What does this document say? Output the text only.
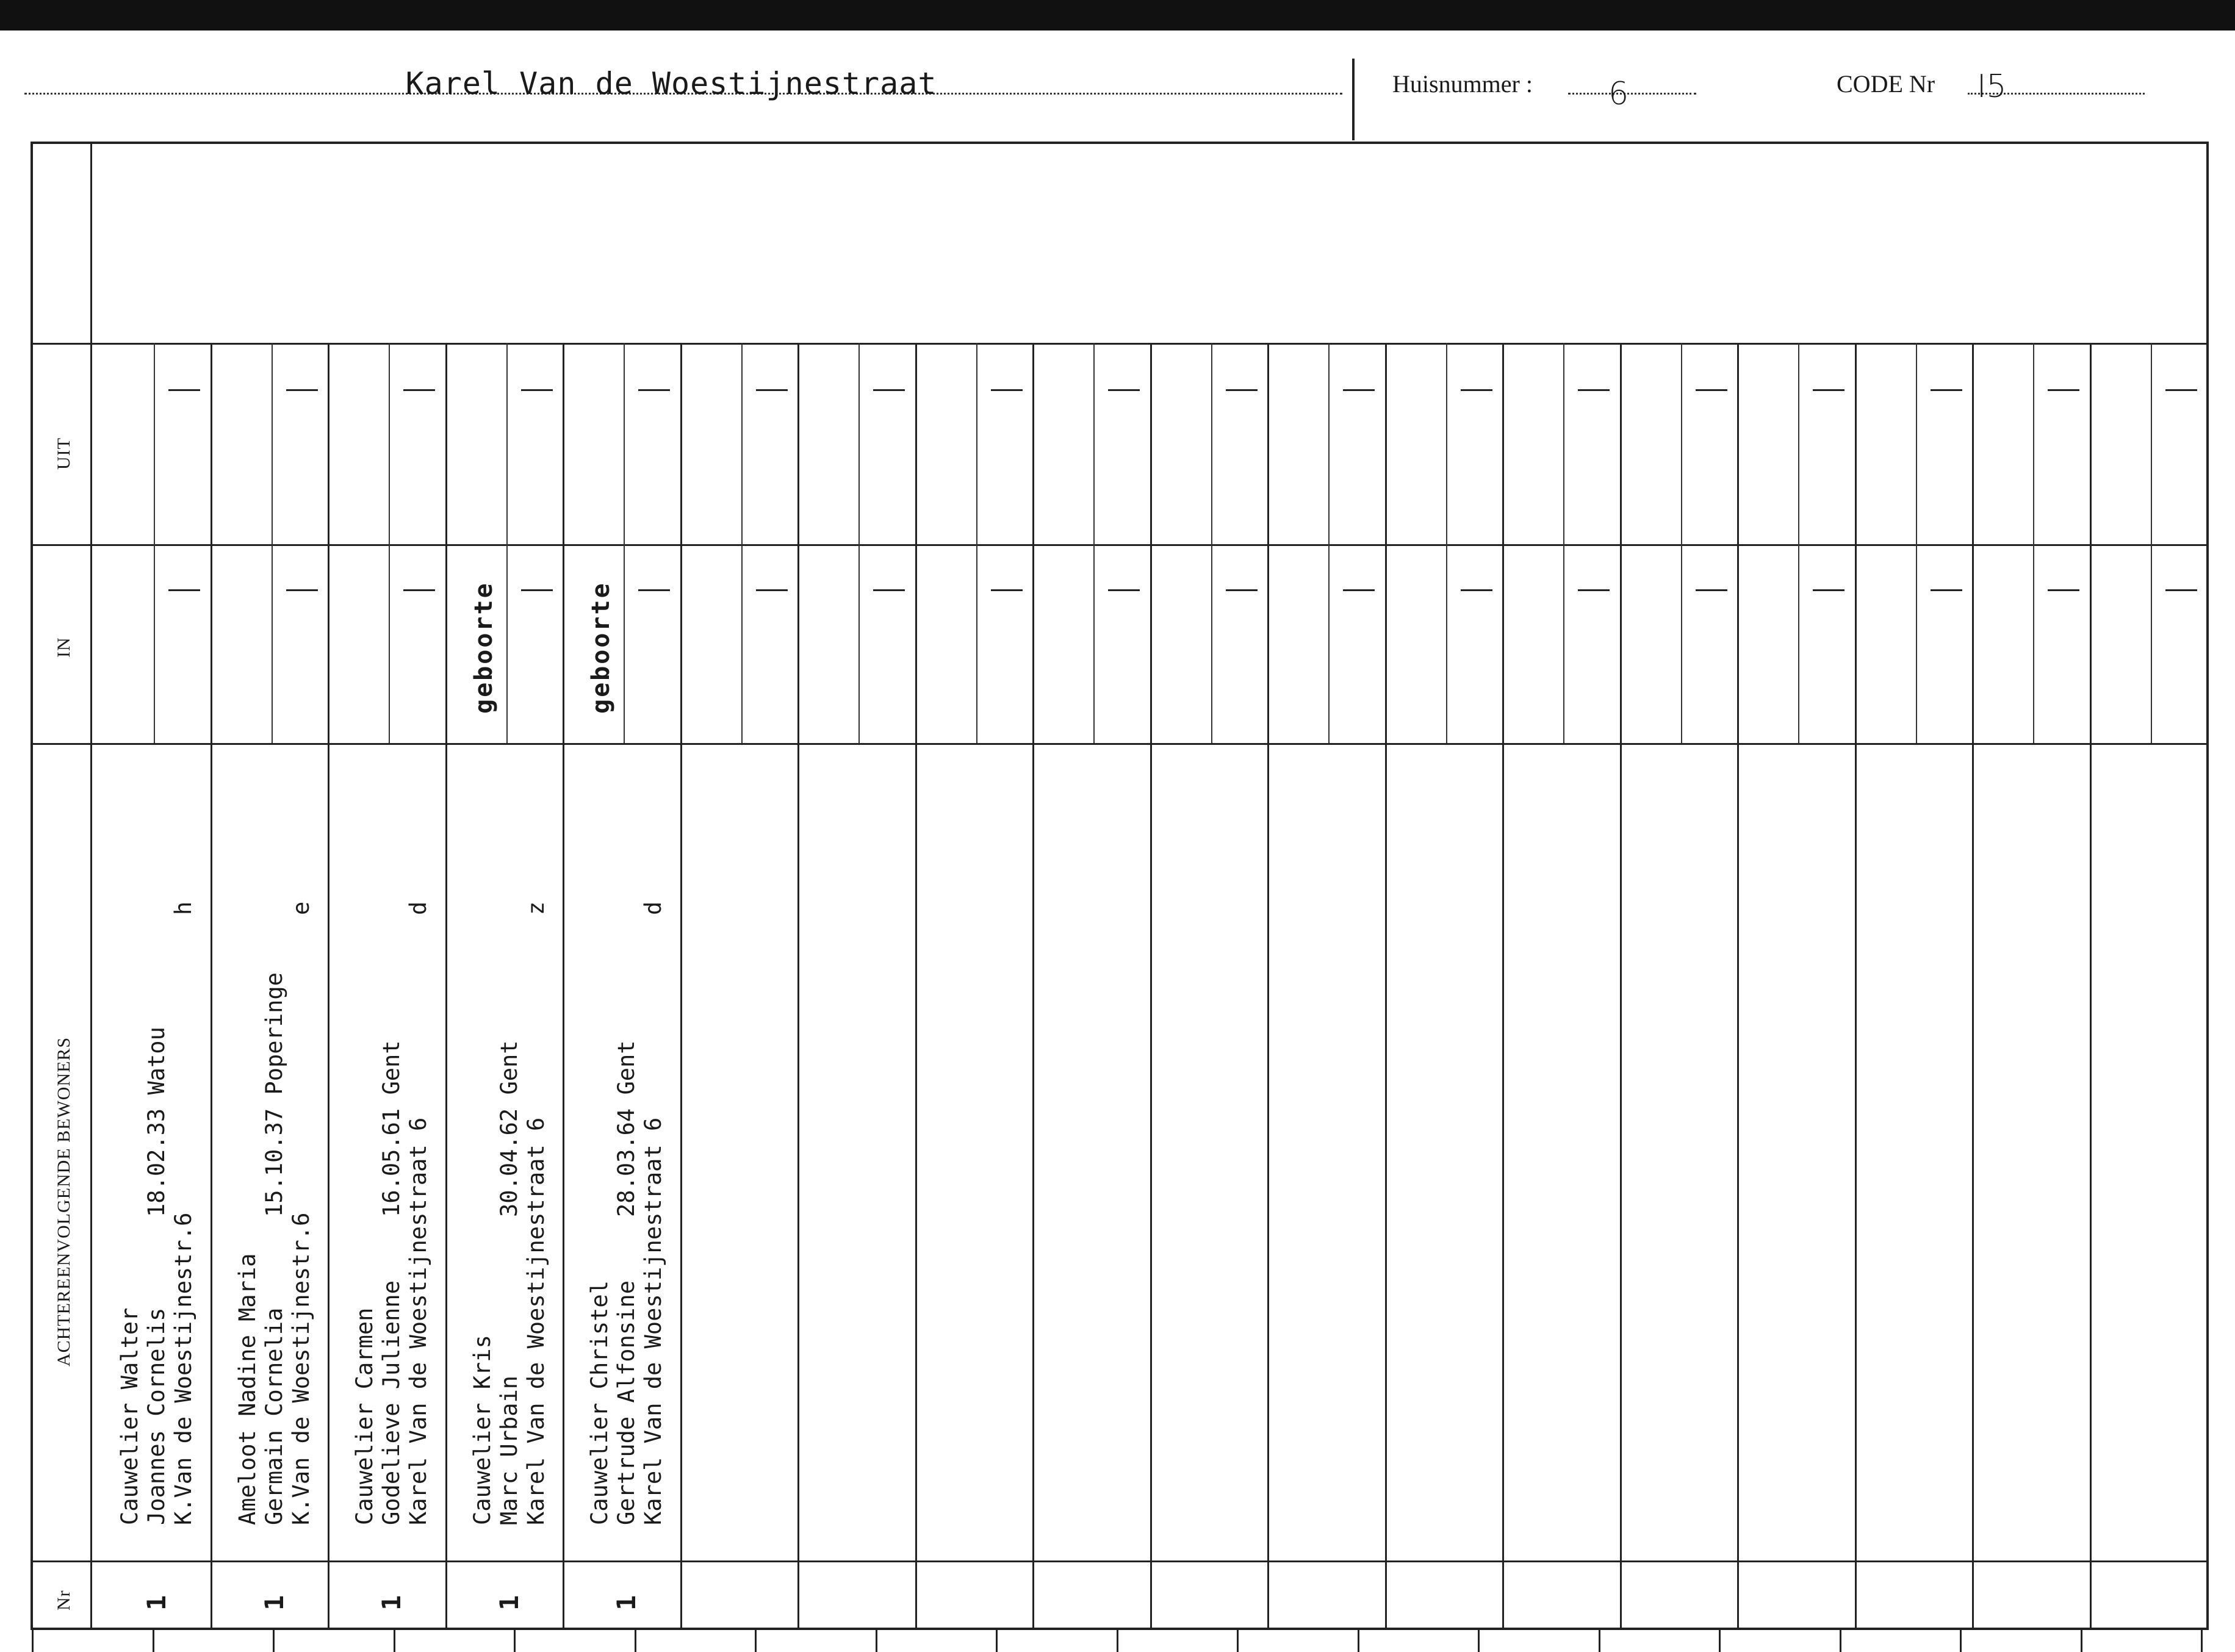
Karel Van de Woestijnestraat	Huisnummer : 6	CODE Nr I5
UIT
IN
ACHTEREENVOLGENDE BEWONERS
Nr
Cauwelier Walter Joannes Cornelis K.Van de Woestijnestr.6
18.02.33 Watou
h
1
Ameloot Nadine Maria Germain Cornelia K.Van de Woestijnestr.6
15.10.37 Poperinge
e
1
Cauwelier Carmen Godelieve Julienne Karel Van de Woestijnestraat 6
16.05.61 Gent
d
1
Cauwelier Kris Marc Urbain Karel Van de Woestijnestraat 6
30.04.62 Gent
z
1
geboorte
Cauwelier Christel Gertrude Alfonsine Karel Van de Woestijnestraat 6
28.03.64 Gent
d
1
geboorte
